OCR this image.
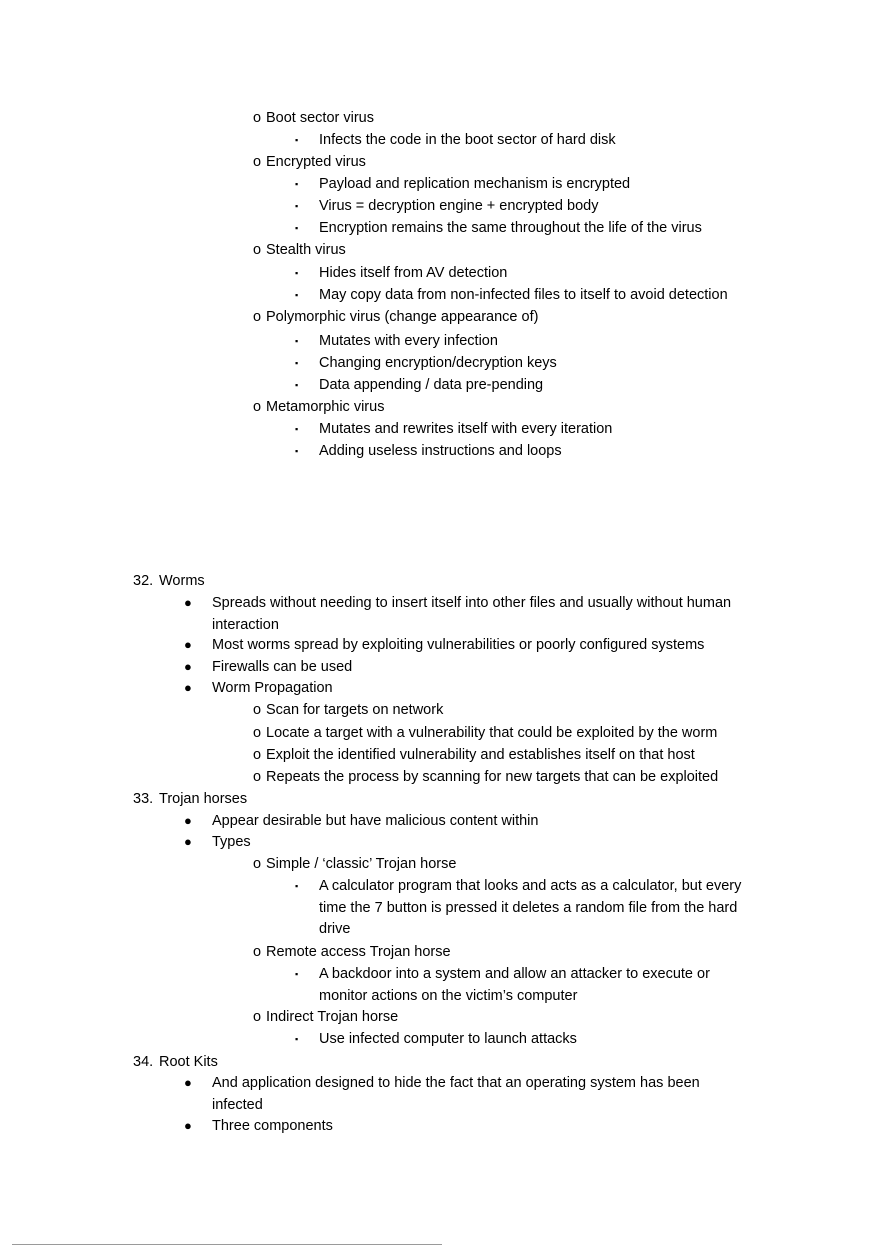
o Boot sector virus
▪ Infects the code in the boot sector of hard disk
o Encrypted virus
▪ Payload and replication mechanism is encrypted
▪ Virus = decryption engine + encrypted body
▪ Encryption remains the same throughout the life of the virus
o Stealth virus
▪ Hides itself from AV detection
▪ May copy data from non-infected files to itself to avoid detection
o Polymorphic virus (change appearance of)
▪ Mutates with every infection
▪ Changing encryption/decryption keys
▪ Data appending / data pre-pending
o Metamorphic virus
▪ Mutates and rewrites itself with every iteration
▪ Adding useless instructions and loops
32. Worms
● Spreads without needing to insert itself into other files and usually without human
interaction
● Most worms spread by exploiting vulnerabilities or poorly configured systems
● Firewalls can be used
● Worm Propagation
o Scan for targets on network
o Locate a target with a vulnerability that could be exploited by the worm
o Exploit the identified vulnerability and establishes itself on that host
o Repeats the process by scanning for new targets that can be exploited
33. Trojan horses
● Appear desirable but have malicious content within
● Types
o Simple / ‘classic’ Trojan horse
▪ A calculator program that looks and acts as a calculator, but every
time the 7 button is pressed it deletes a random file from the hard
drive
o Remote access Trojan horse
▪ A backdoor into a system and allow an attacker to execute or
monitor actions on the victim’s computer
o Indirect Trojan horse
▪ Use infected computer to launch attacks
34. Root Kits
● And application designed to hide the fact that an operating system has been
infected
● Three components
